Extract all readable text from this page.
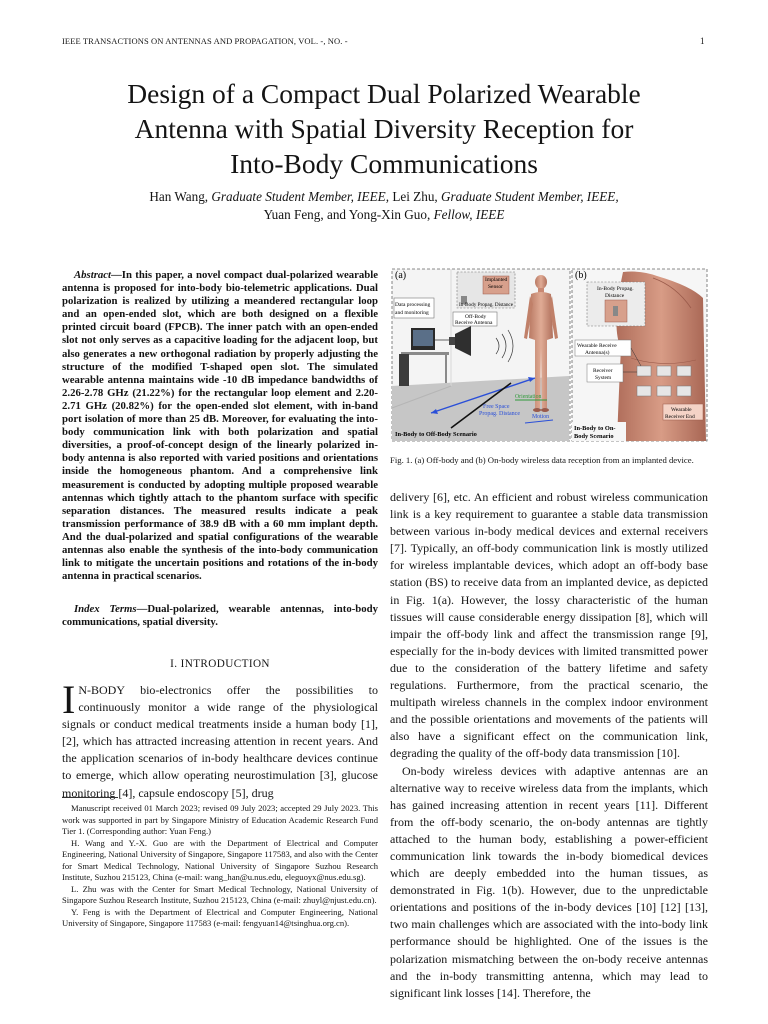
IEEE TRANSACTIONS ON ANTENNAS AND PROPAGATION, VOL. -, NO. -	1
Design of a Compact Dual Polarized Wearable
Antenna with Spatial Diversity Reception for
Into-Body Communications
Han Wang, Graduate Student Member, IEEE, Lei Zhu, Graduate Student Member, IEEE,
Yuan Feng, and Yong-Xin Guo, Fellow, IEEE

Abstract—In this paper, a novel compact dual-polarized wearable antenna is proposed for into-body bio-telemetric applications. Dual polarization is realized by utilizing a meandered rectangular loop and an open-ended slot, which are both designed on a flexible printed circuit board (FPCB). The inner patch with an open-ended slot not only serves as a capacitive loading for the adjacent loop, but also generates a new orthogonal radiation by properly adjusting the structure of the modified T-shaped open slot. The simulated wearable antenna maintains wide -10 dB impedance bandwidths of 2.26-2.78 GHz (21.22%) for the rectangular loop element and 2.20-2.71 GHz (20.82%) for the open-ended slot element, with in-band port isolation of more than 25 dB. Moreover, for evaluating the into-body communication link with both polarization and spatial diversities, a proof-of-concept design of the linearly polarized in-body antenna is also reported with varied positions and orientations inside the homogeneous phantom. And a comprehensive link measurement is conducted by adopting multiple proposed wearable antennas which tightly attach to the phantom surface with specific separation distances. The measured results indicate a peak transmission performance of 38.9 dB with a 60 mm implant depth. And the dual-polarized and spatial configurations of the wearable antennas also enable the synthesis of the into-body communication link to mitigate the uncertain positions and rotations of the in-body antenna in practical scenarios.

Index Terms—Dual-polarized, wearable antennas, into-body communications, spatial diversity.

I. INTRODUCTION

I N-BODY bio-electronics offer the possibilities to continuously monitor a wide range of the physiological signals or conduct medical treatments inside a human body [1], [2], which has attracted increasing attention in recent years. And the application scenarios of in-body healthcare devices continue to emerge, which allow operating neurostimulation [3], glucose monitoring [4], capsule endoscopy [5], drug

Manuscript received 01 March 2023; revised 09 July 2023; accepted 29 July 2023. This work was supported in part by Singapore Ministry of Education Academic Research Fund Tier 1. (Corresponding author: Yuan Feng.)

H. Wang and Y.-X. Guo are with the Department of Electrical and Computer Engineering, National University of Singapore, Singapore 117583, and also with the Center for Smart Medical Technology, National University of Singapore Suzhou Research Institute, Suzhou 215123, China (e-mail: wang_han@u.nus.edu, eleguoyx@nus.edu.sg).

L. Zhu was with the Center for Smart Medical Technology, National University of Singapore Suzhou Research Institute, Suzhou 215123, China (e-mail: zhuyl@njust.edu.cn).

Y. Feng is with the Department of Electrical and Computer Engineering, National University of Singapore, Singapore 117583 (e-mail: fengyuan14@tsinghua.org.cn).

(a)
Data processing
and monitoring
Off-Body
Receive Antenna
Implanted
Sensor
In-Body Propag. Distance
Free Space
Propag. Distance
Orientation
Motion
In-Body to Off-Body Scenario
(b)
In-Body Propag.
Distance
Wearable Receive
Antenna(s)
Receiver
System
Wearable
Receiver End
In-Body to On-
Body Scenario

Fig. 1. (a) Off-body and (b) On-body wireless data reception from an implanted device.

delivery [6], etc. An efficient and robust wireless communication link is a key requirement to guarantee a stable data transmission between various in-body medical devices and external receivers [7]. Typically, an off-body communication link is mostly utilized for wireless implantable devices, which adopt an off-body base station (BS) to receive data from an implanted device, as depicted in Fig. 1(a). However, the lossy characteristic of the human tissues will cause considerable energy dissipation [8], which will impair the off-body link and affect the transmission range [9], especially for the in-body devices with limited transmitted power due to the consideration of the battery lifetime and safety regulations. Furthermore, from the practical scenario, the multipath wireless channels in the complex indoor environment and the possible orientations and movements of the patients will also have a significant effect on the communication link, degrading the quality of the off-body data transmission [10].

On-body wireless devices with adaptive antennas are an alternative way to receive wireless data from the implants, which has gained increasing attention in recent years [11]. Different from the off-body scenario, the on-body antennas are tightly attached to the human body, establishing a power-efficient communication link towards the in-body biomedical devices which are deeply embedded into the human tissues, as demonstrated in Fig. 1(b). However, due to the unpredictable orientations and positions of the in-body devices [10] [12] [13], two main challenges which are associated with the into-body link performance should be highlighted. One of the issues is the polarization mismatching between the on-body receive antennas and the in-body transmitting antenna, which may lead to significant link losses [14]. Therefore, the
